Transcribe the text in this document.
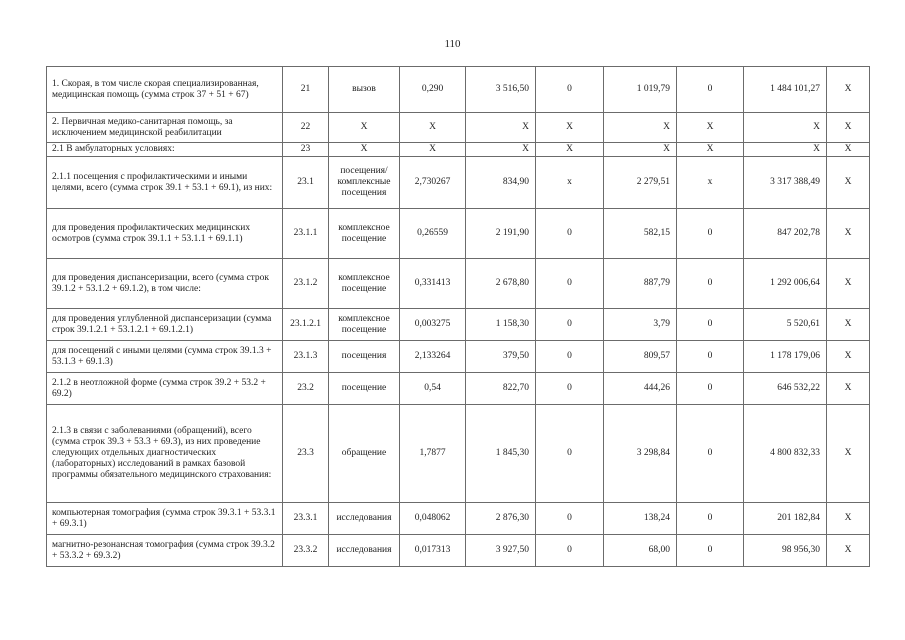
110
1. Скорая, в том числе скорая специализированная, медицинская помощь (сумма строк 37 + 51 + 67)	21	вызов	0,290	3 516,50	0	1 019,79	0	1 484 101,27	X
2. Первичная медико-санитарная помощь, за исключением медицинской реабилитации	22	X	X	X	X	X	X	X	X
2.1 В амбулаторных условиях:	23	X	X	X	X	X	X	X	X
2.1.1 посещения с профилактическими и иными целями, всего (сумма строк 39.1 + 53.1 + 69.1), из них:	23.1	посещения/комплексные посещения	2,730267	834,90	x	2 279,51	x	3 317 388,49	X
для проведения профилактических медицинских осмотров (сумма строк 39.1.1 + 53.1.1 + 69.1.1)	23.1.1	комплексное посещение	0,26559	2 191,90	0	582,15	0	847 202,78	X
для проведения диспансеризации, всего (сумма строк 39.1.2 + 53.1.2 + 69.1.2), в том числе:	23.1.2	комплексное посещение	0,331413	2 678,80	0	887,79	0	1 292 006,64	X
для проведения углубленной диспансеризации (сумма строк 39.1.2.1 + 53.1.2.1 + 69.1.2.1)	23.1.2.1	комплексное посещение	0,003275	1 158,30	0	3,79	0	5 520,61	X
для посещений с иными целями (сумма строк 39.1.3 + 53.1.3 + 69.1.3)	23.1.3	посещения	2,133264	379,50	0	809,57	0	1 178 179,06	X
2.1.2 в неотложной форме (сумма строк 39.2 + 53.2 + 69.2)	23.2	посещение	0,54	822,70	0	444,26	0	646 532,22	X
2.1.3 в связи с заболеваниями (обращений), всего (сумма строк 39.3 + 53.3 + 69.3), из них проведение следующих отдельных диагностических (лабораторных) исследований в рамках базовой программы обязательного медицинского страхования:	23.3	обращение	1,7877	1 845,30	0	3 298,84	0	4 800 832,33	X
компьютерная томография (сумма строк 39.3.1 + 53.3.1 + 69.3.1)	23.3.1	исследования	0,048062	2 876,30	0	138,24	0	201 182,84	X
магнитно-резонансная томография (сумма строк 39.3.2 + 53.3.2 + 69.3.2)	23.3.2	исследования	0,017313	3 927,50	0	68,00	0	98 956,30	X
